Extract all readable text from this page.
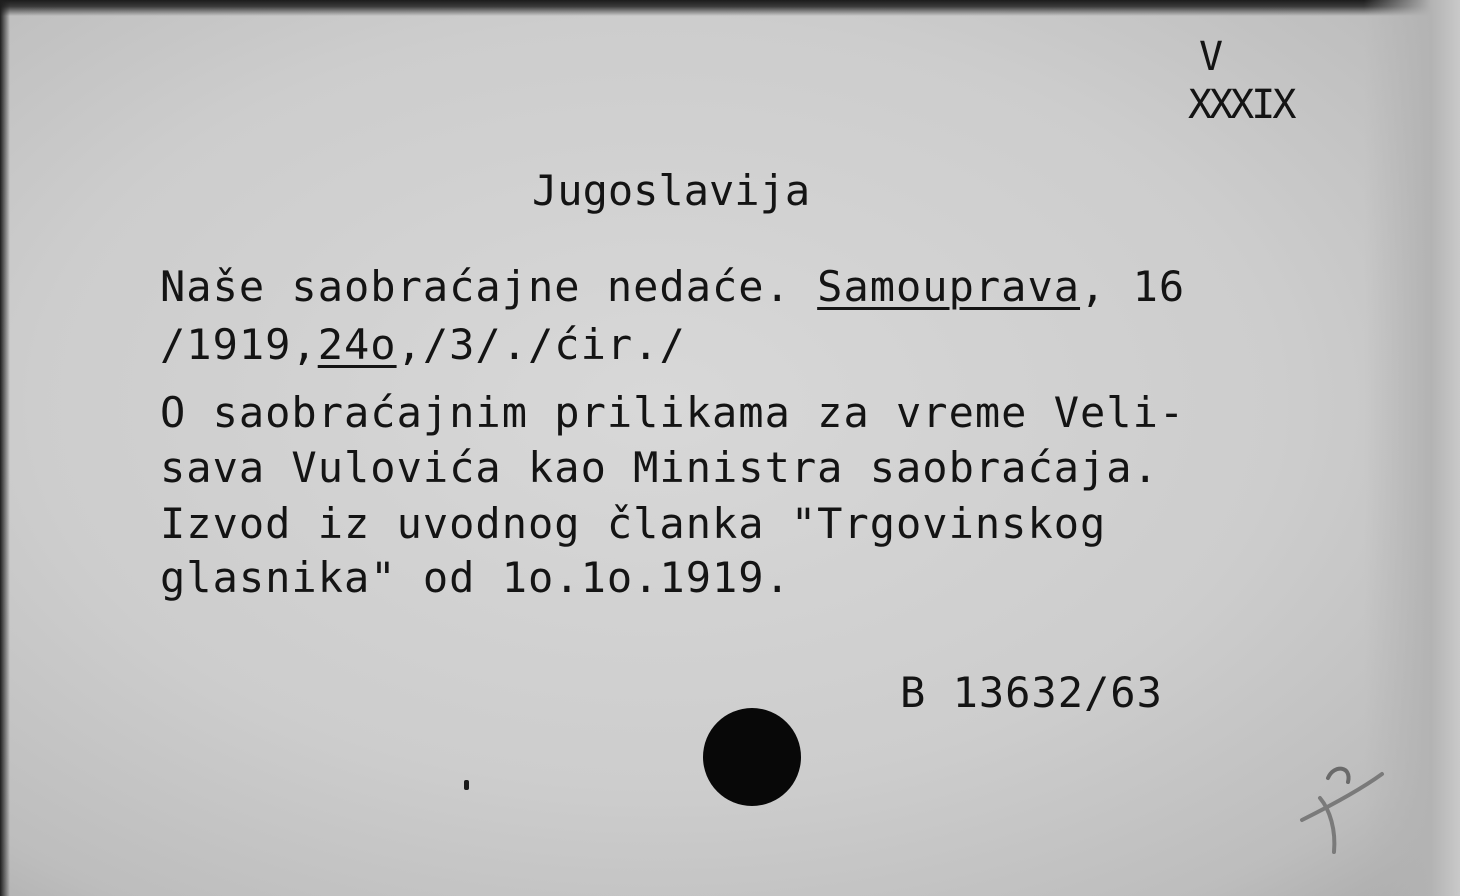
V
XXXIX
Jugoslavija
Naše saobraćajne nedaće. Samouprava, 16
/1919,24o,/3/./ćir./
O saobraćajnim prilikama za vreme Veli-
sava Vulovića kao Ministra saobraćaja.
Izvod iz uvodnog članka "Trgovinskog
glasnika" od 1o.1o.1919.
B 13632/63
